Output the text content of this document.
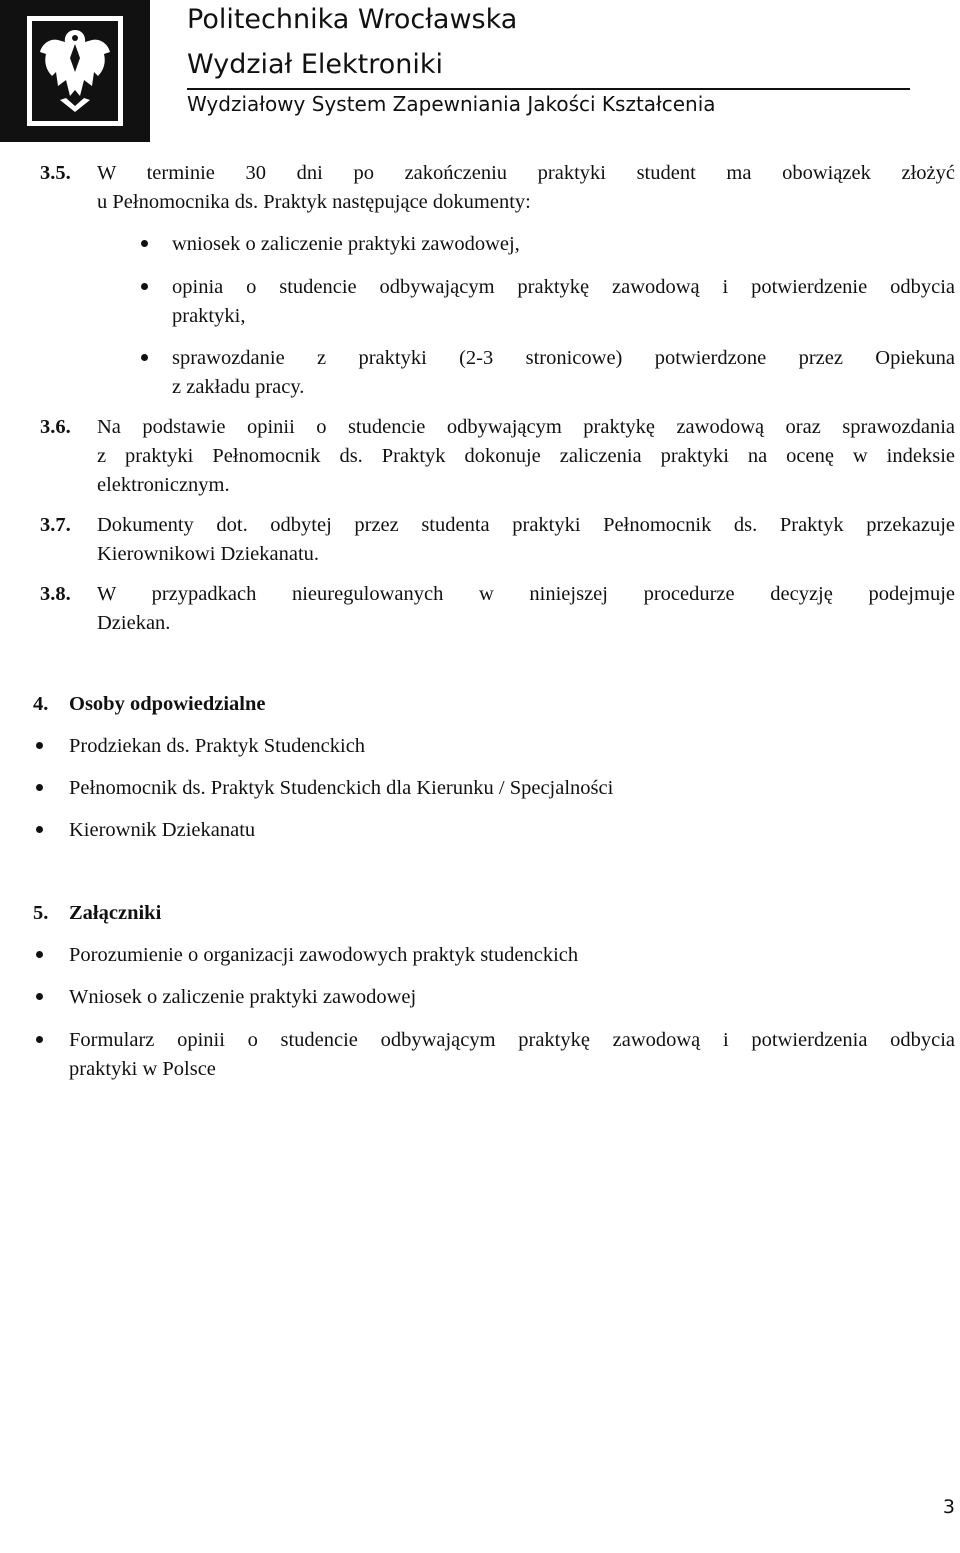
Politechnika Wrocławska
Wydział Elektroniki
Wydziałowy System Zapewniania Jakości Kształcenia
3.5. W terminie 30 dni po zakończeniu praktyki student ma obowiązek złożyć
u Pełnomocnika ds. Praktyk następujące dokumenty:
wniosek o zaliczenie praktyki zawodowej,
opinia o studencie odbywającym praktykę zawodową i potwierdzenie odbycia
praktyki,
sprawozdanie z praktyki (2-3 stronicowe) potwierdzone przez Opiekuna
z zakładu pracy.
3.6. Na podstawie opinii o studencie odbywającym praktykę zawodową oraz sprawozdania
z praktyki Pełnomocnik ds. Praktyk dokonuje zaliczenia praktyki na ocenę w indeksie
elektronicznym.
3.7. Dokumenty dot. odbytej przez studenta praktyki Pełnomocnik ds. Praktyk przekazuje
Kierownikowi Dziekanatu.
3.8. W przypadkach nieuregulowanych w niniejszej procedurze decyzję podejmuje
Dziekan.
4. Osoby odpowiedzialne
Prodziekan ds. Praktyk Studenckich
Pełnomocnik ds. Praktyk Studenckich dla Kierunku / Specjalności
Kierownik Dziekanatu
5. Załączniki
Porozumienie o organizacji zawodowych praktyk studenckich
Wniosek o zaliczenie praktyki zawodowej
Formularz opinii o studencie odbywającym praktykę zawodową i potwierdzenia odbycia
praktyki w Polsce
3
